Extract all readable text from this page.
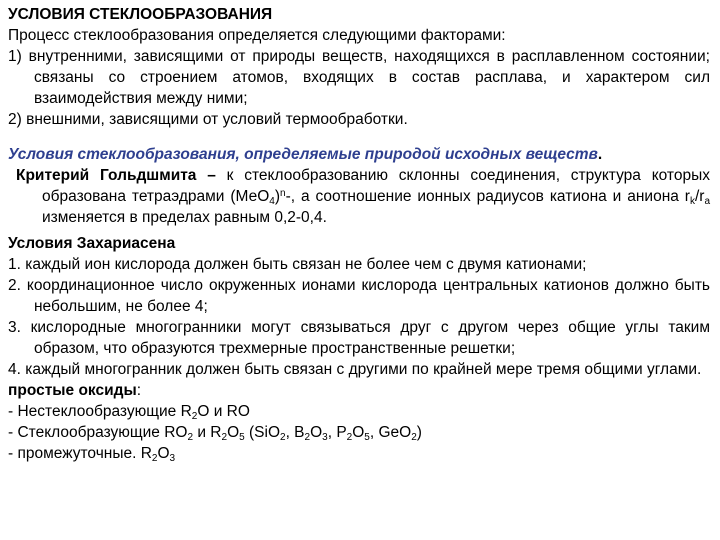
УСЛОВИЯ СТЕКЛООБРАЗОВАНИЯ

Процесс стеклообразования определяется следующими факторами:

1) внутренними, зависящими от природы веществ, находящихся в расплавленном состоянии; связаны со строением атомов, входящих в состав расплава, и характером сил взаимодействия между ними;

2) внешними, зависящими от условий термообработки.

Условия стеклообразования, определяемые природой исходных веществ.

Критерий Гольдшмита – к стеклообразованию склонны соединения, структура которых образована тетраэдрами $(МеО_4)^n-$, а соотношение ионных радиусов катиона и аниона $r_k/r_a$ изменяется в пределах равным 0,2-0,4.

Условия Захариасена

1. каждый ион кислорода должен быть связан не более чем с двумя катионами;

2. координационное число окруженных ионами кислорода центральных катионов должно быть небольшим, не более 4;

3. кислородные многогранники могут связываться друг с другом через общие углы таким образом, что образуются трехмерные пространственные решетки;

4. каждый многогранник должен быть связан с другими по крайней мере тремя общими углами.

простые оксиды:

- Нестеклообразующие $R_2O$ и RO

- Стеклообразующие $RO_2$ и $R_2O_5$ (SiO$_2$, $B_2O_3$, $P_2O_5$, GeO$_2$)

- промежуточные. $R_2O_3$
